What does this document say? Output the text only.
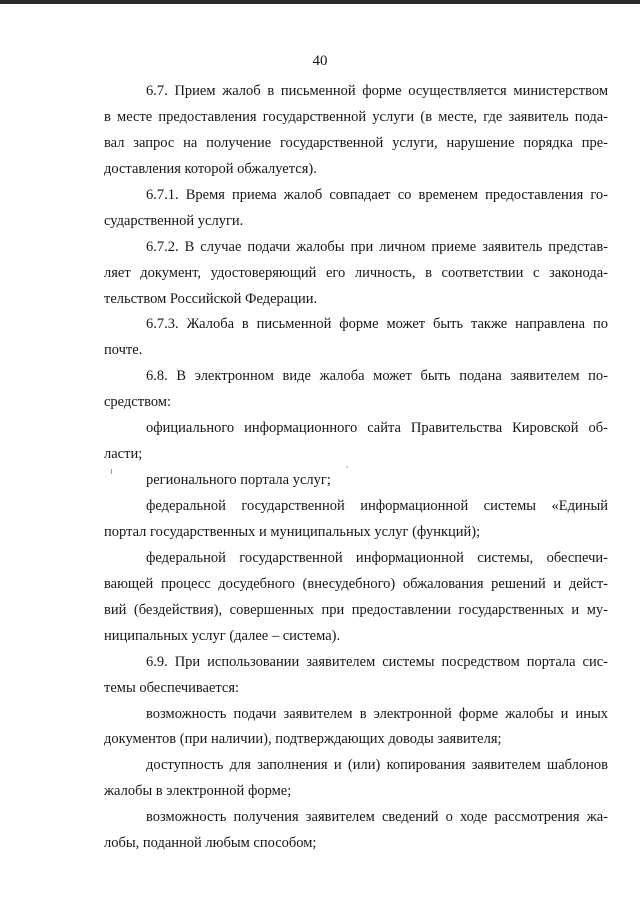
40
6.7. Прием жалоб в письменной форме осуществляется министерством
в месте предоставления государственной услуги (в месте, где заявитель пода-
вал запрос на получение государственной услуги, нарушение порядка пре-
доставления которой обжалуется).
6.7.1. Время приема жалоб совпадает со временем предоставления го-
сударственной услуги.
6.7.2. В случае подачи жалобы при личном приеме заявитель представ-
ляет документ, удостоверяющий его личность, в соответствии с законода-
тельством Российской Федерации.
6.7.3. Жалоба в письменной форме может быть также направлена по
почте.
6.8. В электронном виде жалоба может быть подана заявителем по-
средством:
официального информационного сайта Правительства Кировской об-
ласти;
регионального портала услуг;
федеральной государственной информационной системы «Единый
портал государственных и муниципальных услуг (функций);
федеральной государственной информационной системы, обеспечи-
вающей процесс досудебного (внесудебного) обжалования решений и дейст-
вий (бездействия), совершенных при предоставлении государственных и му-
ниципальных услуг (далее – система).
6.9. При использовании заявителем системы посредством портала сис-
темы обеспечивается:
возможность подачи заявителем в электронной форме жалобы и иных
документов (при наличии), подтверждающих доводы заявителя;
доступность для заполнения и (или) копирования заявителем шаблонов
жалобы в электронной форме;
возможность получения заявителем сведений о ходе рассмотрения жа-
лобы, поданной любым способом;
